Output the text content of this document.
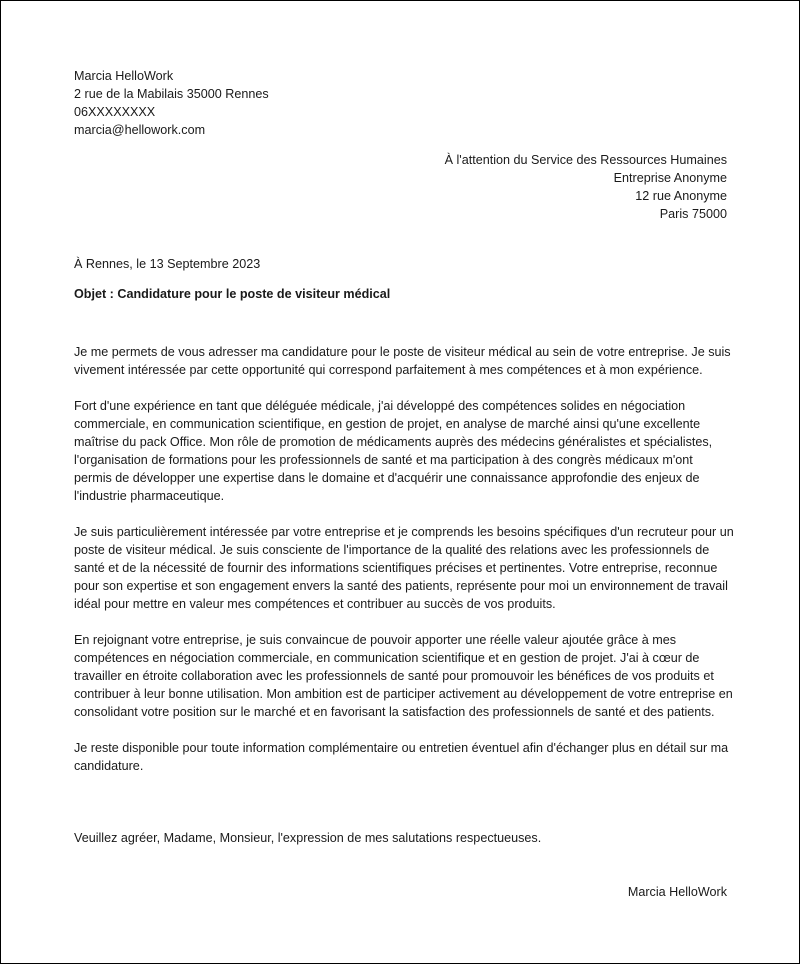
Marcia HelloWork
2 rue de la Mabilais 35000 Rennes
06XXXXXXXX
marcia@hellowork.com
À l'attention du Service des Ressources Humaines
Entreprise Anonyme
12 rue Anonyme
Paris 75000
À Rennes, le 13 Septembre 2023
Objet : Candidature pour le poste de visiteur médical
Je me permets de vous adresser ma candidature pour le poste de visiteur médical au sein de votre entreprise. Je suis vivement intéressée par cette opportunité qui correspond parfaitement à mes compétences et à mon expérience.
Fort d'une expérience en tant que déléguée médicale, j'ai développé des compétences solides en négociation commerciale, en communication scientifique, en gestion de projet, en analyse de marché ainsi qu'une excellente maîtrise du pack Office. Mon rôle de promotion de médicaments auprès des médecins généralistes et spécialistes, l'organisation de formations pour les professionnels de santé et ma participation à des congrès médicaux m'ont permis de développer une expertise dans le domaine et d'acquérir une connaissance approfondie des enjeux de l'industrie pharmaceutique.
Je suis particulièrement intéressée par votre entreprise et je comprends les besoins spécifiques d'un recruteur pour un poste de visiteur médical. Je suis consciente de l'importance de la qualité des relations avec les professionnels de santé et de la nécessité de fournir des informations scientifiques précises et pertinentes. Votre entreprise, reconnue pour son expertise et son engagement envers la santé des patients, représente pour moi un environnement de travail idéal pour mettre en valeur mes compétences et contribuer au succès de vos produits.
En rejoignant votre entreprise, je suis convaincue de pouvoir apporter une réelle valeur ajoutée grâce à mes compétences en négociation commerciale, en communication scientifique et en gestion de projet. J'ai à cœur de travailler en étroite collaboration avec les professionnels de santé pour promouvoir les bénéfices de vos produits et contribuer à leur bonne utilisation. Mon ambition est de participer activement au développement de votre entreprise en consolidant votre position sur le marché et en favorisant la satisfaction des professionnels de santé et des patients.
Je reste disponible pour toute information complémentaire ou entretien éventuel afin d'échanger plus en détail sur ma candidature.
Veuillez agréer, Madame, Monsieur, l'expression de mes salutations respectueuses.
Marcia HelloWork
